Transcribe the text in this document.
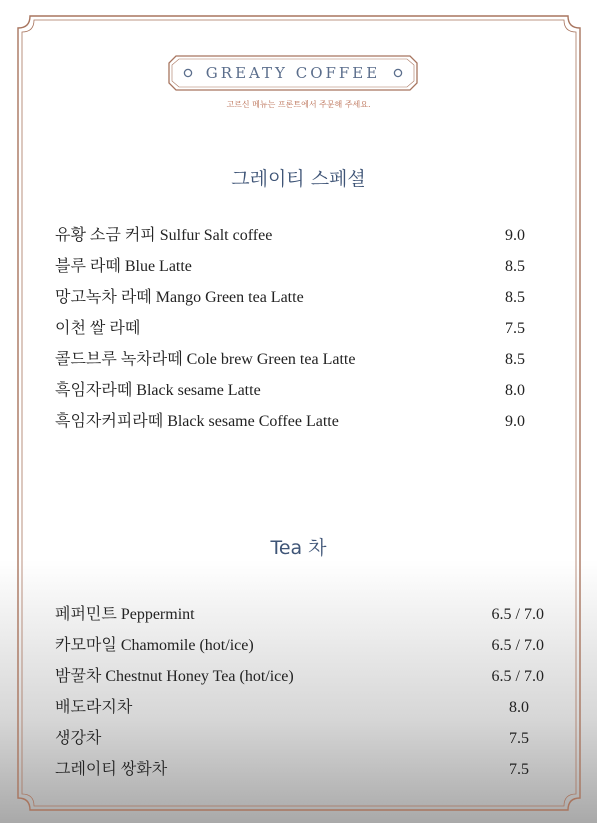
GREATY COFFEE
고르신 메뉴는 프론트에서 주문해 주세요.
그레이티 스페셜
유황 소금 커피 Sulfur Salt coffee	9.0
블루 라떼 Blue Latte	8.5
망고녹차 라떼 Mango Green tea Latte	8.5
이천 쌀 라떼	7.5
콜드브루 녹차라떼 Cole brew Green tea Latte	8.5
흑임자라떼 Black sesame Latte	8.0
흑임자커피라떼 Black sesame Coffee Latte	9.0
Tea 차
페퍼민트 Peppermint	6.5 / 7.0
카모마일 Chamomile (hot/ice)	6.5 / 7.0
밤꿀차 Chestnut Honey Tea (hot/ice)	6.5 / 7.0
배도라지차	8.0
생강차	7.5
그레이티 쌍화차	7.5
